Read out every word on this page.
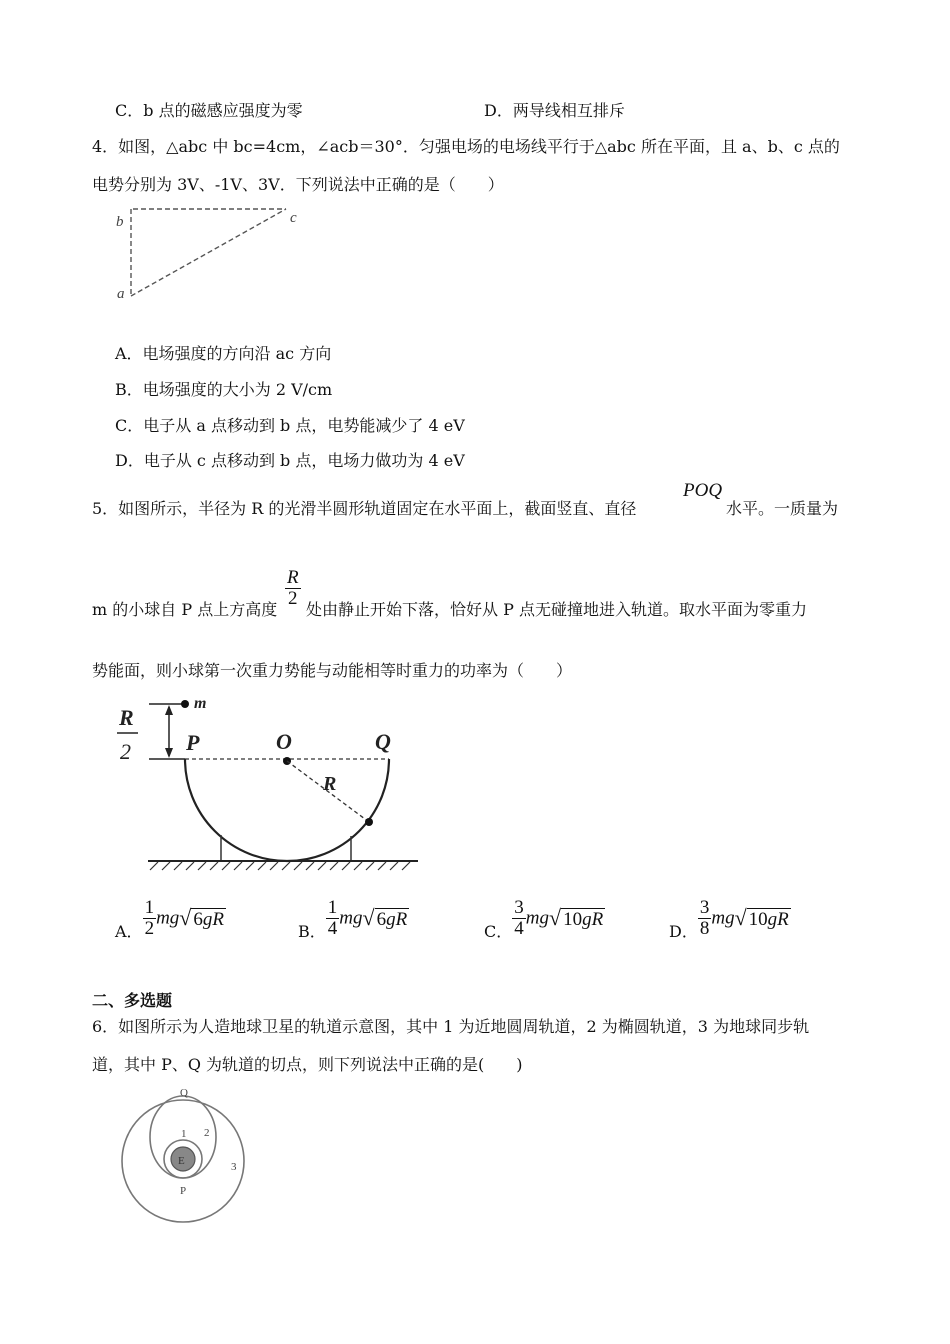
C．b 点的磁感应强度为零	D．两导线相互排斥
4．如图，△abc 中 bc=4cm，∠acb＝30°．匀强电场的电场线平行于△abc 所在平面，且 a、b、c 点的
电势分别为 3V、-1V、3V．下列说法中正确的是（　　）
b	c
a
A．电场强度的方向沿 ac 方向
B．电场强度的大小为 2 V/cm
C．电子从 a 点移动到 b 点，电势能减少了 4 eV
D．电子从 c 点移动到 b 点，电场力做功为 4 eV
5．如图所示，半径为 R 的光滑半圆形轨道固定在水平面上，截面竖直、直径
POQ
水平。一质量为
m 的小球自 P 点上方高度
$\frac{R}{2}$
处由静止开始下落，恰好从 P 点无碰撞地进入轨道。取水平面为零重力
势能面，则小球第一次重力势能与动能相等时重力的功率为（　　）
R
2
m
P	O	Q
R
A． $\frac{1}{2} mg√$ 6gR
B． $\frac{1}{4} mg√$ 6gR
C． $\frac{3}{4} mg√$ 10gR
D． $\frac{3}{8} mg√$ 10gR
二、多选题
6．如图所示为人造地球卫星的轨道示意图，其中 1 为近地圆周轨道，2 为椭圆轨道，3 为地球同步轨
道，其中 P、Q 为轨道的切点，则下列说法中正确的是(　　)
E
Q
P
1 2
3
